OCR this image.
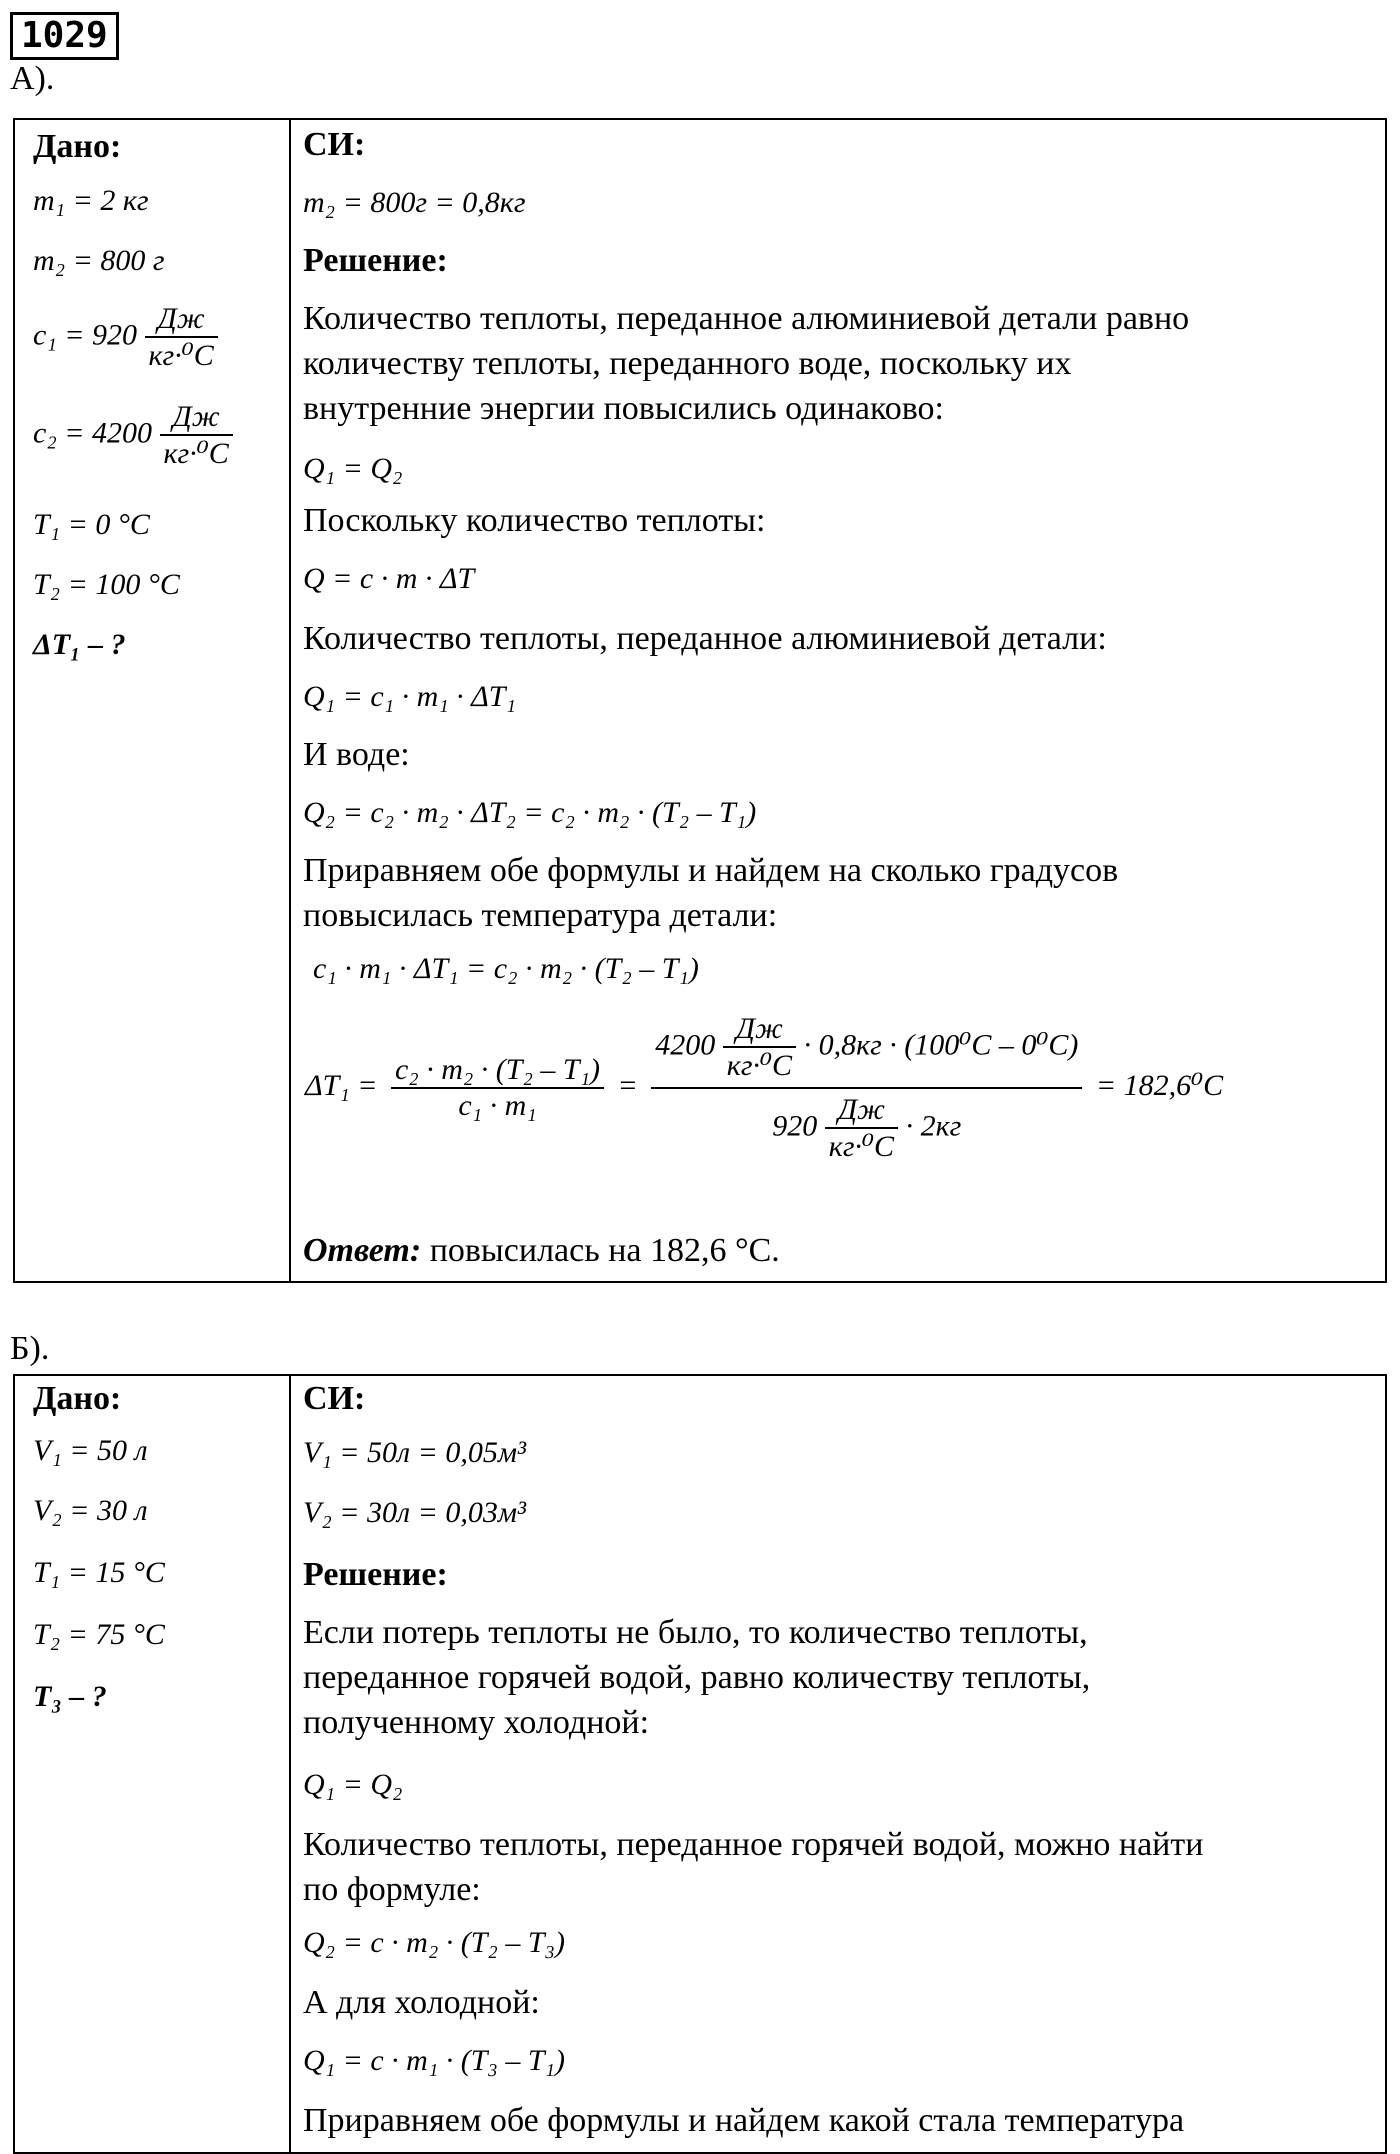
1029
А).
Дано:
m₁ = 2 кг
m₂ = 800 г
c₁ = 920 Дж
кг·⁰C
c₂ = 4200 Дж
кг·⁰C
T₁ = 0 °C
T₂ = 100 °C
ΔT₁ – ?
СИ:
m₂ = 800г = 0,8кг
Решение:
Количество теплоты, переданное алюминиевой детали равно
количеству теплоты, переданного воде, поскольку их
внутренние энергии повысились одинаково:
Q₁ = Q₂
Поскольку количество теплоты:
Q = c · m · ΔT
Количество теплоты, переданное алюминиевой детали:
Q₁ = c₁ · m₁ · ΔT₁
И воде:
Q₂ = c₂ · m₂ · ΔT₂ = c₂ · m₂ · (T₂ – T₁)
Приравняем обе формулы и найдем на сколько градусов
повысилась температура детали:
c₁ · m₁ · ΔT₁ = c₂ · m₂ · (T₂ – T₁)
$\Delta T_1 = \frac{\text{c₂ · m₂ · (T₂ – T₁)}}{\text{c₁ · m₁}}$ =
4200 Дж
кг·⁰C
· 0,8кг · (100⁰C – 0⁰C)
920 Дж
кг·⁰C
· 2кг
= 182,6⁰C
Ответ: повысилась на 182,6 °C.
Б).
Дано:
V₁ = 50 л
V₂ = 30 л
T₁ = 15 °C
T₂ = 75 °C
T₃ – ?
СИ:
V₁ = 50л = 0,05м³
V₂ = 30л = 0,03м³
Решение:
Если потерь теплоты не было, то количество теплоты,
переданное горячей водой, равно количеству теплоты,
полученному холодной:
Q₁ = Q₂
Количество теплоты, переданное горячей водой, можно найти
по формуле:
Q₂ = c · m₂ · (T₂ – T₃)
А для холодной:
Q₁ = c · m₁ · (T₃ – T₁)
Приравняем обе формулы и найдем какой стала температура
